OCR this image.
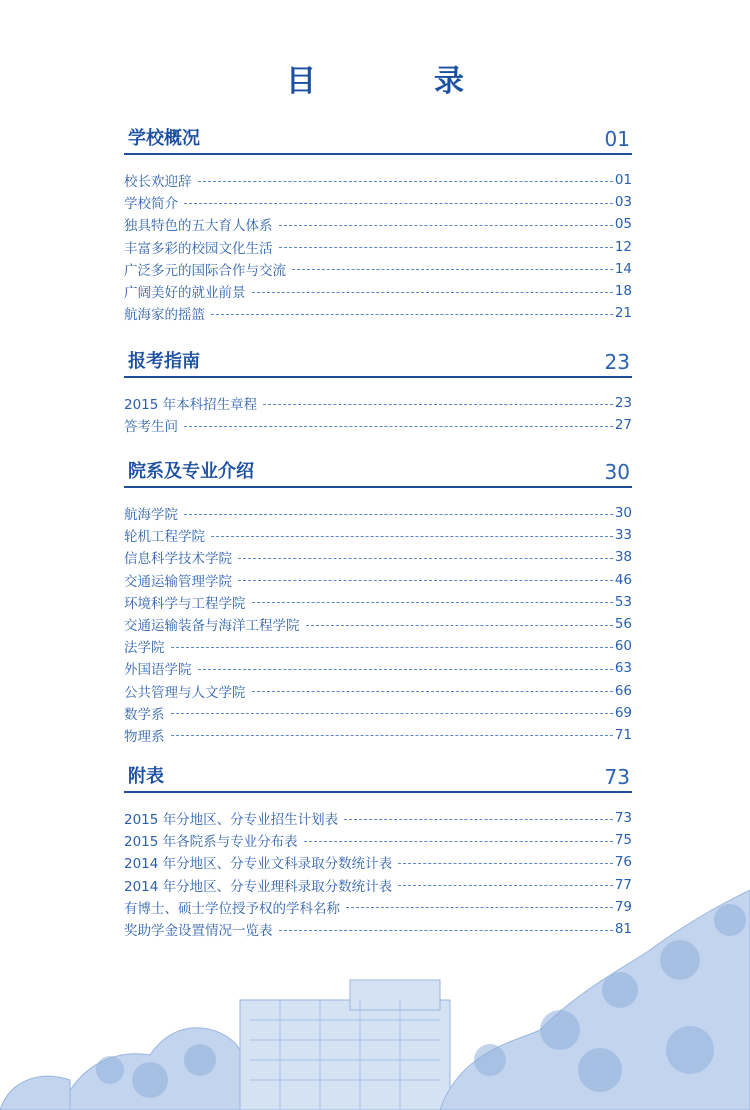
目　录
学校概况	01
校长欢迎辞	01
学校简介	03
独具特色的五大育人体系	05
丰富多彩的校园文化生活	12
广泛多元的国际合作与交流	14
广阔美好的就业前景	18
航海家的摇篮	21
报考指南	23
2015 年本科招生章程	23
答考生问	27
院系及专业介绍	30
航海学院	30
轮机工程学院	33
信息科学技术学院	38
交通运输管理学院	46
环境科学与工程学院	53
交通运输装备与海洋工程学院	56
法学院	60
外国语学院	63
公共管理与人文学院	66
数学系	69
物理系	71
附表	73
2015 年分地区、分专业招生计划表	73
2015 年各院系与专业分布表	75
2014 年分地区、分专业文科录取分数统计表	76
2014 年分地区、分专业理科录取分数统计表	77
有博士、硕士学位授予权的学科名称	79
奖助学金设置情况一览表	81
